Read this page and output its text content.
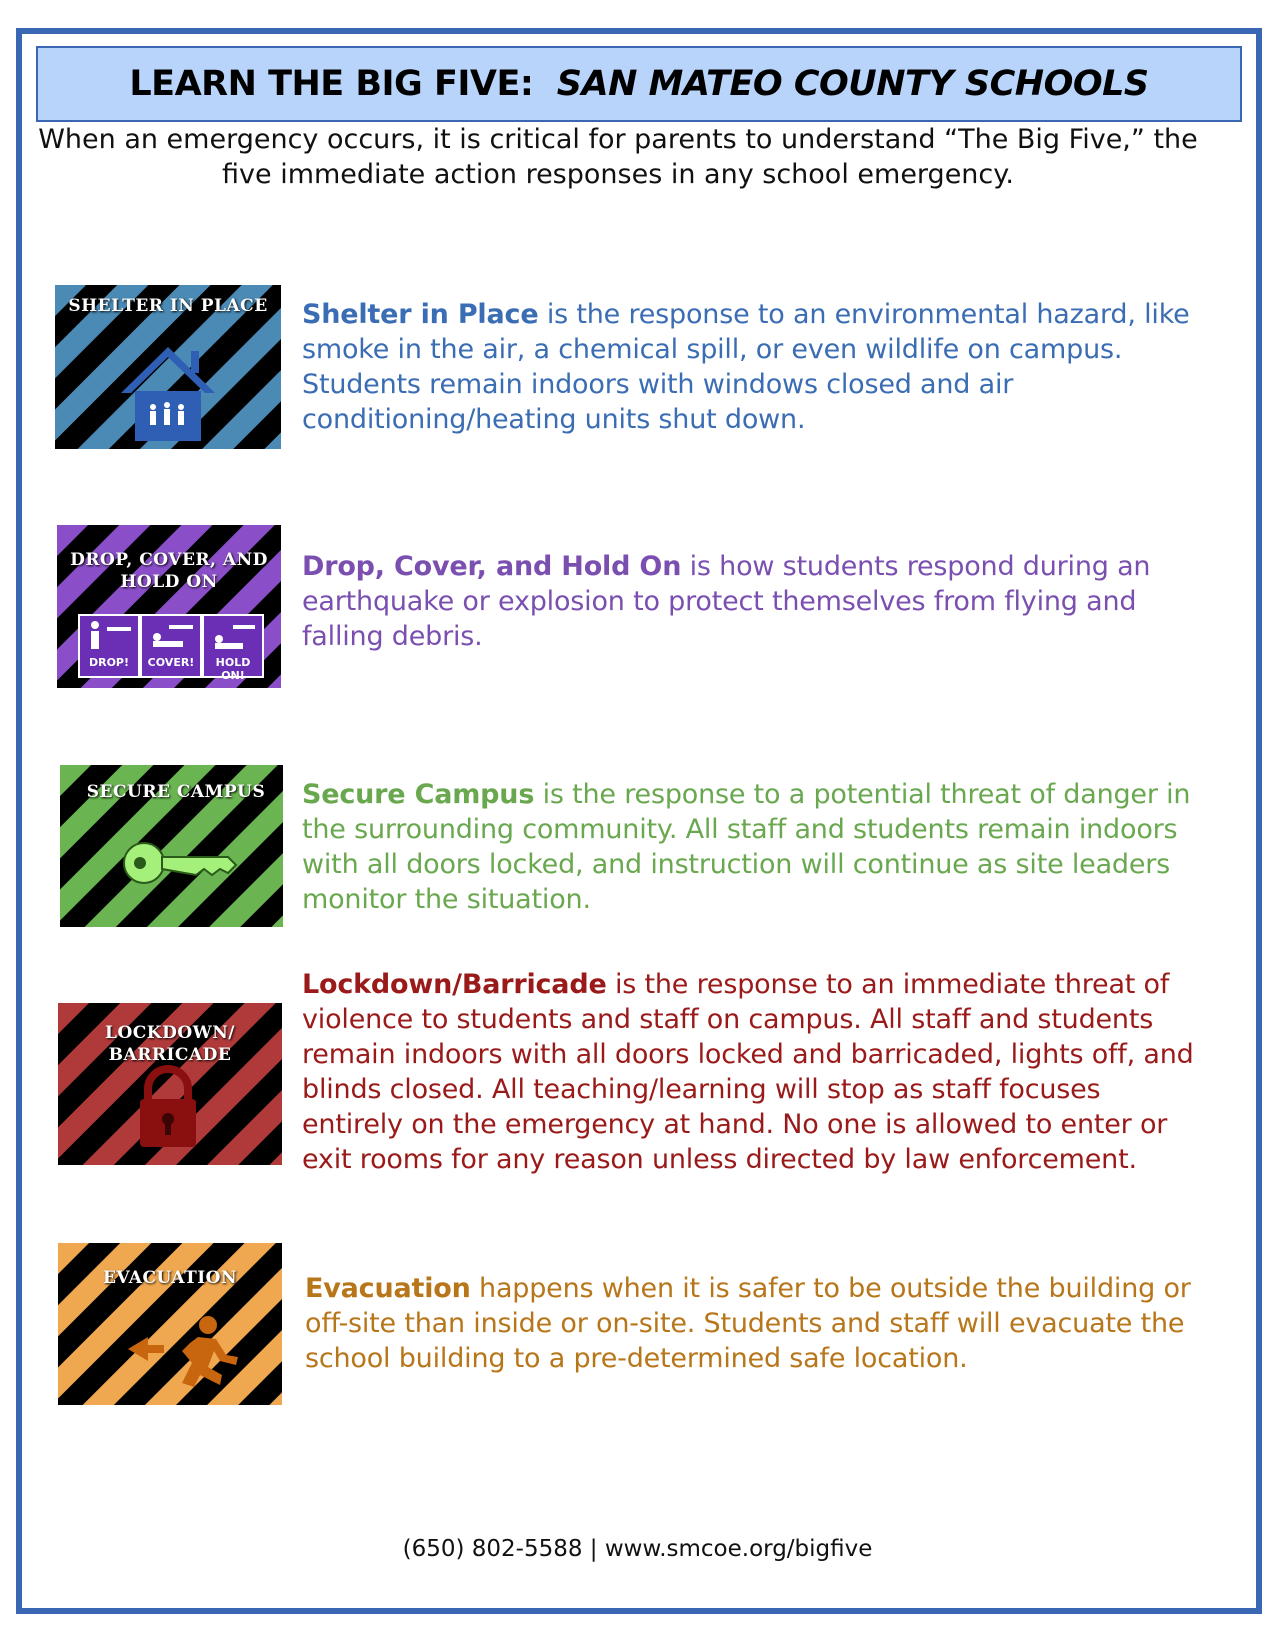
LEARN THE BIG FIVE: SAN MATEO COUNTY SCHOOLS
When an emergency occurs, it is critical for parents to understand “The Big Five,” the five immediate action responses in any school emergency.
SHELTER IN PLACE	Shelter in Place is the response to an environmental hazard, like smoke in the air, a chemical spill, or even wildlife on campus. Students remain indoors with windows closed and air conditioning/heating units shut down.
DROP, COVER, AND HOLD ON
DROP!	COVER!	HOLD ON!
Drop, Cover, and Hold On is how students respond during an earthquake or explosion to protect themselves from flying and falling debris.
SECURE CAMPUS	Secure Campus is the response to a potential threat of danger in the surrounding community. All staff and students remain indoors with all doors locked, and instruction will continue as site leaders monitor the situation.
LOCKDOWN/ BARRICADE
Lockdown/Barricade is the response to an immediate threat of violence to students and staff on campus. All staff and students remain indoors with all doors locked and barricaded, lights off, and blinds closed. All teaching/learning will stop as staff focuses entirely on the emergency at hand. No one is allowed to enter or exit rooms for any reason unless directed by law enforcement.
EVACUATION	Evacuation happens when it is safer to be outside the building or off-site than inside or on-site. Students and staff will evacuate the school building to a pre-determined safe location.
(650) 802-5588 | www.smcoe.org/bigfive
